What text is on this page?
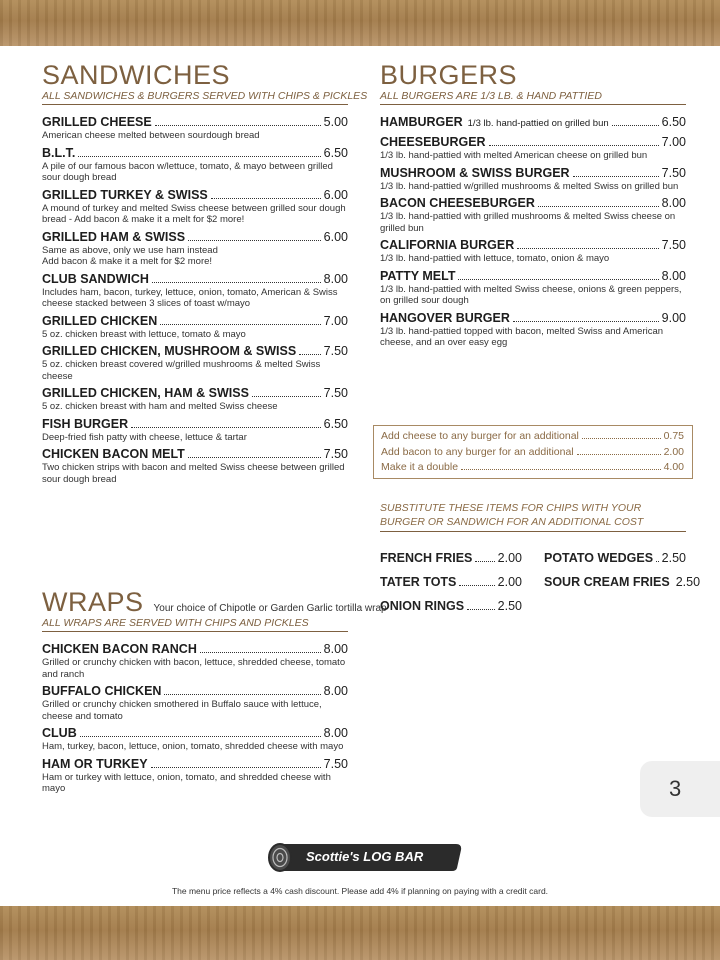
SANDWICHES
ALL SANDWICHES & BURGERS SERVED WITH CHIPS & PICKLES
GRILLED CHEESE	5.00
American cheese melted between sourdough bread
B.L.T.	6.50
A pile of our famous bacon w/lettuce, tomato, & mayo between grilled sour dough bread
GRILLED TURKEY & SWISS	6.00
A mound of turkey and melted Swiss cheese between grilled sour dough bread - Add bacon & make it a melt for $2 more!
GRILLED HAM & SWISS	6.00
Same as above, only we use ham instead
Add bacon & make it a melt for $2 more!
CLUB SANDWICH	8.00
Includes ham, bacon, turkey, lettuce, onion, tomato, American & Swiss cheese stacked between 3 slices of toast w/mayo
GRILLED CHICKEN	7.00
5 oz. chicken breast with lettuce, tomato & mayo
GRILLED CHICKEN, MUSHROOM & SWISS 7.50
5 oz. chicken breast covered w/grilled mushrooms & melted Swiss cheese
GRILLED CHICKEN, HAM & SWISS	7.50
5 oz. chicken breast with ham and melted Swiss cheese
FISH BURGER	6.50
Deep-fried fish patty with cheese, lettuce & tartar
CHICKEN BACON MELT	7.50
Two chicken strips with bacon and melted Swiss cheese between grilled sour dough bread
WRAPS Your choice of Chipotle or Garden Garlic tortilla wrap
ALL WRAPS ARE SERVED WITH CHIPS AND PICKLES
CHICKEN BACON RANCH	8.00
Grilled or crunchy chicken with bacon, lettuce, shredded cheese, tomato and ranch
BUFFALO CHICKEN	8.00
Grilled or crunchy chicken smothered in Buffalo sauce with lettuce, cheese and tomato
CLUB	8.00
Ham, turkey, bacon, lettuce, onion, tomato, shredded cheese with mayo
HAM OR TURKEY	7.50
Ham or turkey with lettuce, onion, tomato, and shredded cheese with mayo
BURGERS
ALL BURGERS ARE 1/3 LB. & HAND PATTIED
HAMBURGER 1/3 lb. hand-pattied on grilled bun	6.50
CHEESEBURGER	7.00
1/3 lb. hand-pattied with melted American cheese on grilled bun
MUSHROOM & SWISS BURGER	7.50
1/3 lb. hand-pattied w/grilled mushrooms & melted Swiss on grilled bun
BACON CHEESEBURGER	8.00
1/3 lb. hand-pattied with grilled mushrooms & melted Swiss cheese on grilled bun
CALIFORNIA BURGER	7.50
1/3 lb. hand-pattied with lettuce, tomato, onion & mayo
PATTY MELT	8.00
1/3 lb. hand-pattied with melted Swiss cheese, onions & green peppers, on grilled sour dough
HANGOVER BURGER	9.00
1/3 lb. hand-pattied topped with bacon, melted Swiss and American cheese, and an over easy egg
Add cheese to any burger for an additional	0.75
Add bacon to any burger for an additional	2.00
Make it a double	4.00
SUBSTITUTE THESE ITEMS FOR CHIPS WITH YOUR BURGER OR SANDWICH FOR AN ADDITIONAL COST
FRENCH FRIES 2.00 POTATO WEDGES 2.50
TATER TOTS	2.00 SOUR CREAM FRIES 2.50
ONION RINGS	2.50
3
Scottie's LOG BAR
The menu price reflects a 4% cash discount. Please add 4% if planning on paying with a credit card.
